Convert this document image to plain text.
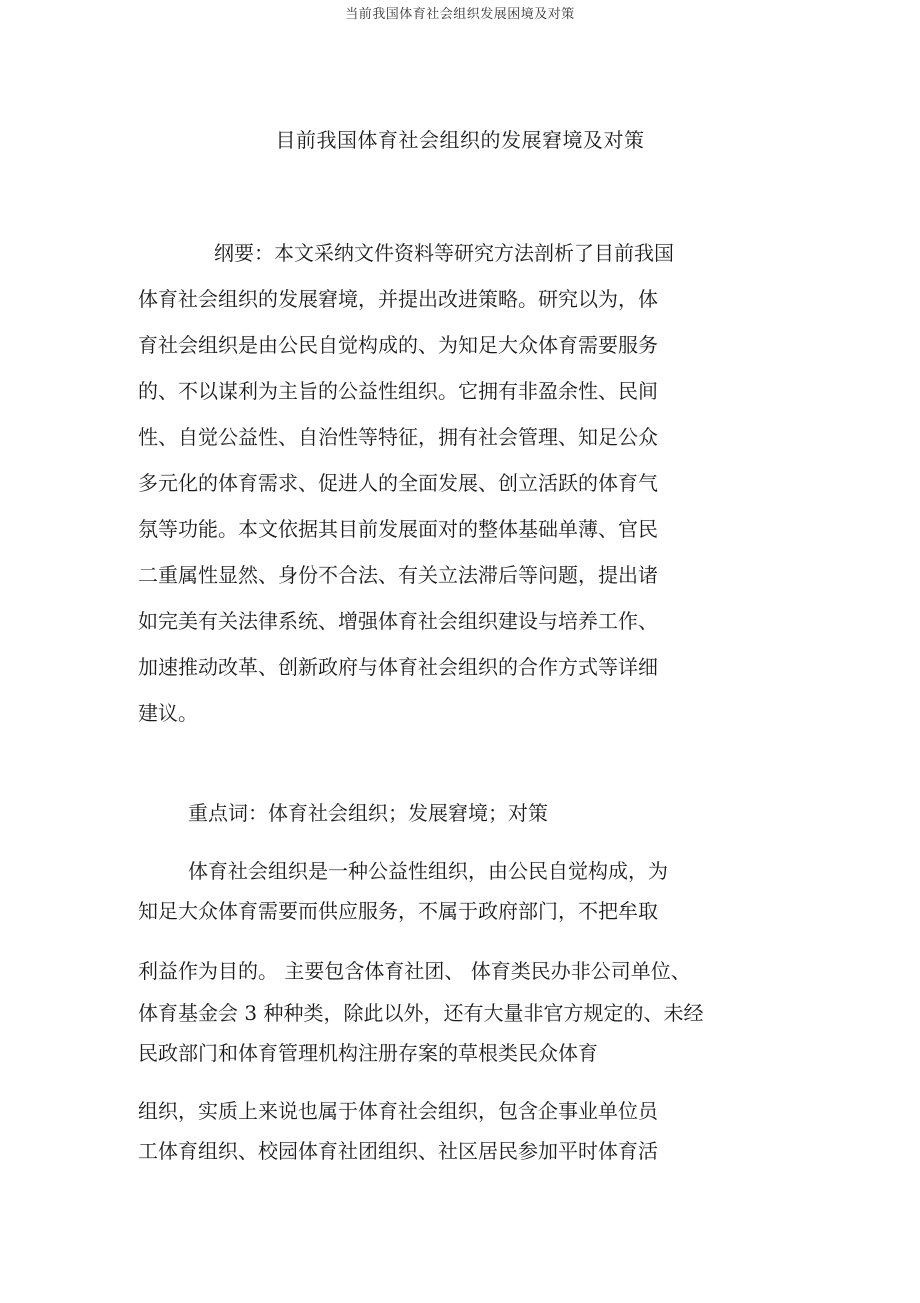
当前我国体育社会组织发展困境及对策
目前我国体育社会组织的发展窘境及对策
纲要：本文采纳文件资料等研究方法剖析了目前我国
体育社会组织的发展窘境，并提出改进策略。研究以为，体
育社会组织是由公民自觉构成的、为知足大众体育需要服务
的、不以谋利为主旨的公益性组织。它拥有非盈余性、民间
性、自觉公益性、自治性等特征，拥有社会管理、知足公众
多元化的体育需求、促进人的全面发展、创立活跃的体育气
氛等功能。本文依据其目前发展面对的整体基础单薄、官民
二重属性显然、身份不合法、有关立法滞后等问题，提出诸
如完美有关法律系统、增强体育社会组织建设与培养工作、
加速推动改革、创新政府与体育社会组织的合作方式等详细
建议。
重点词：体育社会组织；发展窘境；对策
体育社会组织是一种公益性组织，由公民自觉构成，为
知足大众体育需要而供应服务，不属于政府部门，不把牟取
利益作为目的。 主要包含体育社团、 体育类民办非公司单位、
体育基金会 3 种种类，除此以外，还有大量非官方规定的、未经
民政部门和体育管理机构注册存案的草根类民众体育
组织，实质上来说也属于体育社会组织，包含企事业单位员
工体育组织、校园体育社团组织、社区居民参加平时体育活
